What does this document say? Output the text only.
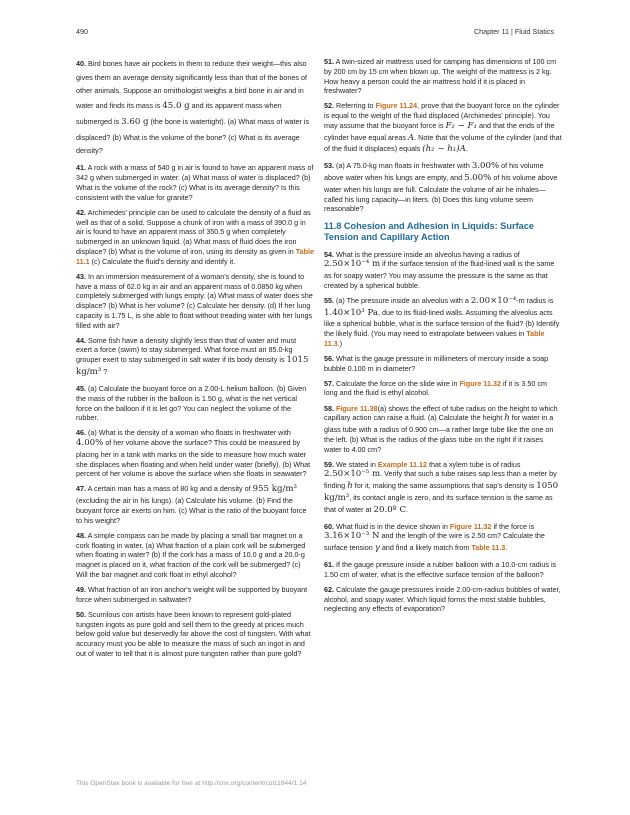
490	Chapter 11 | Fluid Statics

40. Bird bones have air pockets in them to reduce their weight—this also gives them an average density significantly less than that of the bones of other animals. Suppose an ornithologist weighs a bird bone in air and in water and finds its mass is 45.0 g and its apparent mass when submerged is 3.60 g (the bone is watertight). (a) What mass of water is displaced? (b) What is the volume of the bone? (c) What is its average density?

41. A rock with a mass of 540 g in air is found to have an apparent mass of 342 g when submerged in water. (a) What mass of water is displaced? (b) What is the volume of the rock? (c) What is its average density? Is this consistent with the value for granite?

42. Archimedes' principle can be used to calculate the density of a fluid as well as that of a solid. Suppose a chunk of iron with a mass of 390.0 g in air is found to have an apparent mass of 350.5 g when completely submerged in an unknown liquid. (a) What mass of fluid does the iron displace? (b) What is the volume of iron, using its density as given in Table 11.1 (c) Calculate the fluid's density and identify it.

43. In an immersion measurement of a woman's density, she is found to have a mass of 62.0 kg in air and an apparent mass of 0.0850 kg when completely submerged with lungs empty. (a) What mass of water does she displace? (b) What is her volume? (c) Calculate her density. (d) If her lung capacity is 1.75 L, is she able to float without treading water with her lungs filled with air?

44. Some fish have a density slightly less than that of water and must exert a force (swim) to stay submerged. What force must an 85.0-kg grouper exert to stay submerged in salt water if its body density is 1015 kg/m³ ?

45. (a) Calculate the buoyant force on a 2.00-L helium balloon. (b) Given the mass of the rubber in the balloon is 1.50 g, what is the net vertical force on the balloon if it is let go? You can neglect the volume of the rubber.

46. (a) What is the density of a woman who floats in freshwater with 4.00% of her volume above the surface? This could be measured by placing her in a tank with marks on the side to measure how much water she displaces when floating and when held under water (briefly). (b) What percent of her volume is above the surface when she floats in seawater?

47. A certain man has a mass of 80 kg and a density of 955 kg/m³ (excluding the air in his lungs). (a) Calculate his volume. (b) Find the buoyant force air exerts on him. (c) What is the ratio of the buoyant force to his weight?

48. A simple compass can be made by placing a small bar magnet on a cork floating in water. (a) What fraction of a plain cork will be submerged when floating in water? (b) If the cork has a mass of 10.0 g and a 20.0-g magnet is placed on it, what fraction of the cork will be submerged? (c) Will the bar magnet and cork float in ethyl alcohol?

49. What fraction of an iron anchor's weight will be supported by buoyant force when submerged in saltwater?

50. Scurrilous con artists have been known to represent gold-plated tungsten ingots as pure gold and sell them to the greedy at prices much below gold value but deservedly far above the cost of tungsten. With what accuracy must you be able to measure the mass of such an ingot in and out of water to tell that it is almost pure tungsten rather than pure gold?

51. A twin-sized air mattress used for camping has dimensions of 100 cm by 200 cm by 15 cm when blown up. The weight of the mattress is 2 kg. How heavy a person could the air mattress hold if it is placed in freshwater?

52. Referring to Figure 11.24, prove that the buoyant force on the cylinder is equal to the weight of the fluid displaced (Archimedes' principle). You may assume that the buoyant force is F₂ − F₁ and that the ends of the cylinder have equal areas A. Note that the volume of the cylinder (and that of the fluid it displaces) equals (h₂ − h₁)A.

53. (a) A 75.0-kg man floats in freshwater with 3.00% of his volume above water when his lungs are empty, and 5.00% of his volume above water when his lungs are full. Calculate the volume of air he inhales—called his lung capacity—in liters. (b) Does this lung volume seem reasonable?

11.8 Cohesion and Adhesion in Liquids: Surface Tension and Capillary Action

54. What is the pressure inside an alveolus having a radius of 2.50×10⁻⁴ m if the surface tension of the fluid-lined wall is the same as for soapy water? You may assume the pressure is the same as that created by a spherical bubble.

55. (a) The pressure inside an alveolus with a 2.00×10⁻⁴-m radius is 1.40×10³ Pa, due to its fluid-lined walls. Assuming the alveolus acts like a spherical bubble, what is the surface tension of the fluid? (b) Identify the likely fluid. (You may need to extrapolate between values in Table 11.3.)

56. What is the gauge pressure in millimeters of mercury inside a soap bubble 0.100 m in diameter?

57. Calculate the force on the slide wire in Figure 11.32 if it is 3.50 cm long and the fluid is ethyl alcohol.

58. Figure 11.38(a) shows the effect of tube radius on the height to which capillary action can raise a fluid. (a) Calculate the height h for water in a glass tube with a radius of 0.900 cm—a rather large tube like the one on the left. (b) What is the radius of the glass tube on the right if it raises water to 4.00 cm?

59. We stated in Example 11.12 that a xylem tube is of radius 2.50×10⁻⁵ m. Verify that such a tube raises sap less than a meter by finding h for it, making the same assumptions that sap's density is 1050 kg/m³, its contact angle is zero, and its surface tension is the same as that of water at 20.0º C.

60. What fluid is in the device shown in Figure 11.32 if the force is 3.16×10⁻³ N and the length of the wire is 2.50 cm? Calculate the surface tension γ and find a likely match from Table 11.3.

61. If the gauge pressure inside a rubber balloon with a 10.0-cm radius is 1.50 cm of water, what is the effective surface tension of the balloon?

62. Calculate the gauge pressures inside 2.00-cm-radius bubbles of water, alcohol, and soapy water. Which liquid forms the most stable bubbles, neglecting any effects of evaporation?

This OpenStax book is available for free at http://cnx.org/content/col11844/1.14
